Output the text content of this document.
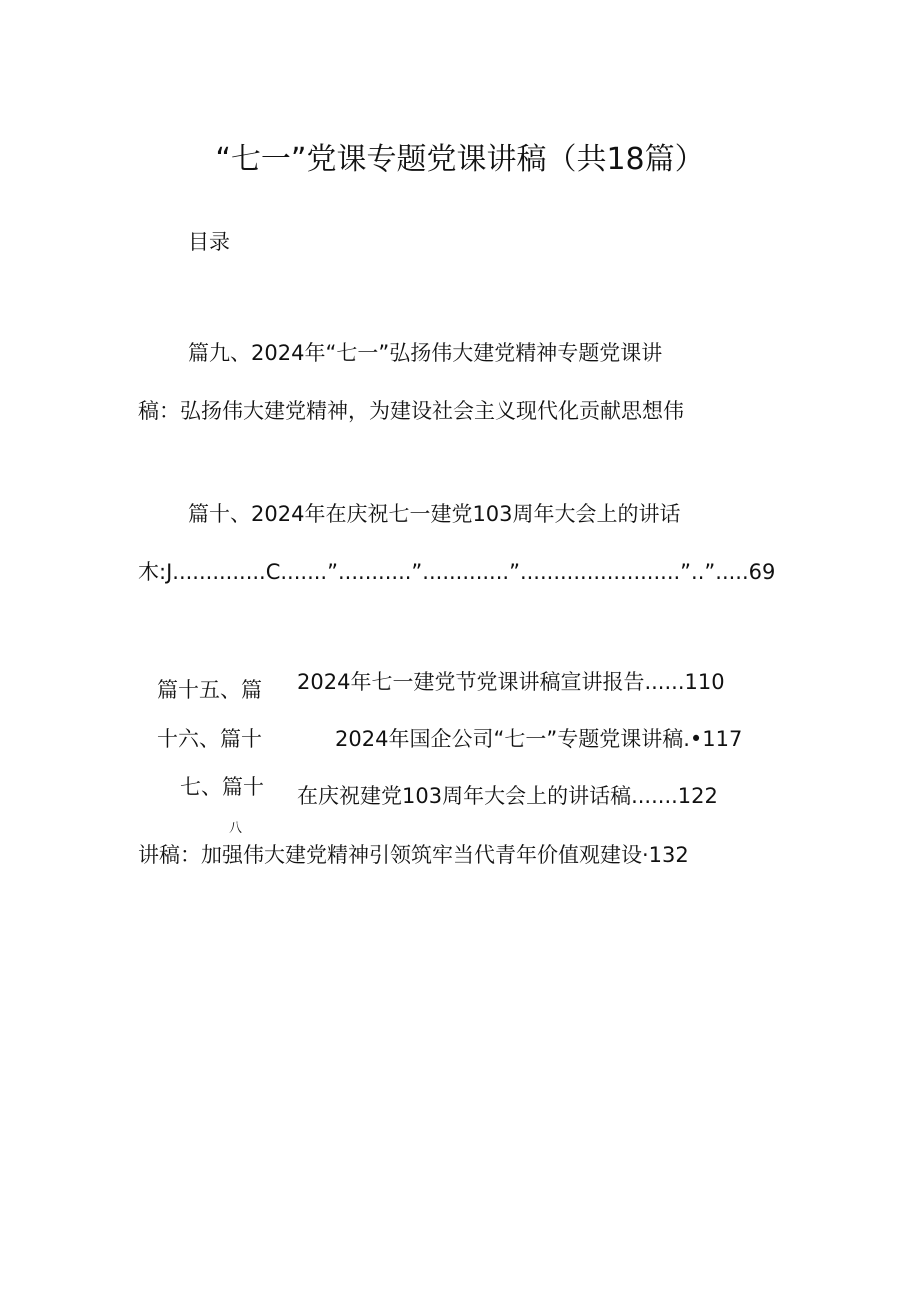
“七一”党课专题党课讲稿（共18篇）
目录
篇九、2024年“七一”弘扬伟大建党精神专题党课讲
稿：弘扬伟大建党精神，为建设社会主义现代化贡献思想伟
篇十、2024年在庆祝七一建党103周年大会上的讲话
木:J..............C.......”...........”.............”........................”..”.....69
篇十五、篇 2024年七一建党节党课讲稿宣讲报告......110
十六、篇十	2024年国企公司“七一”专题党课讲稿.•117
七、篇十 在庆祝建党103周年大会上的讲话稿.......122
八
讲稿：加强伟大建党精神引领筑牢当代青年价值观建设·132
